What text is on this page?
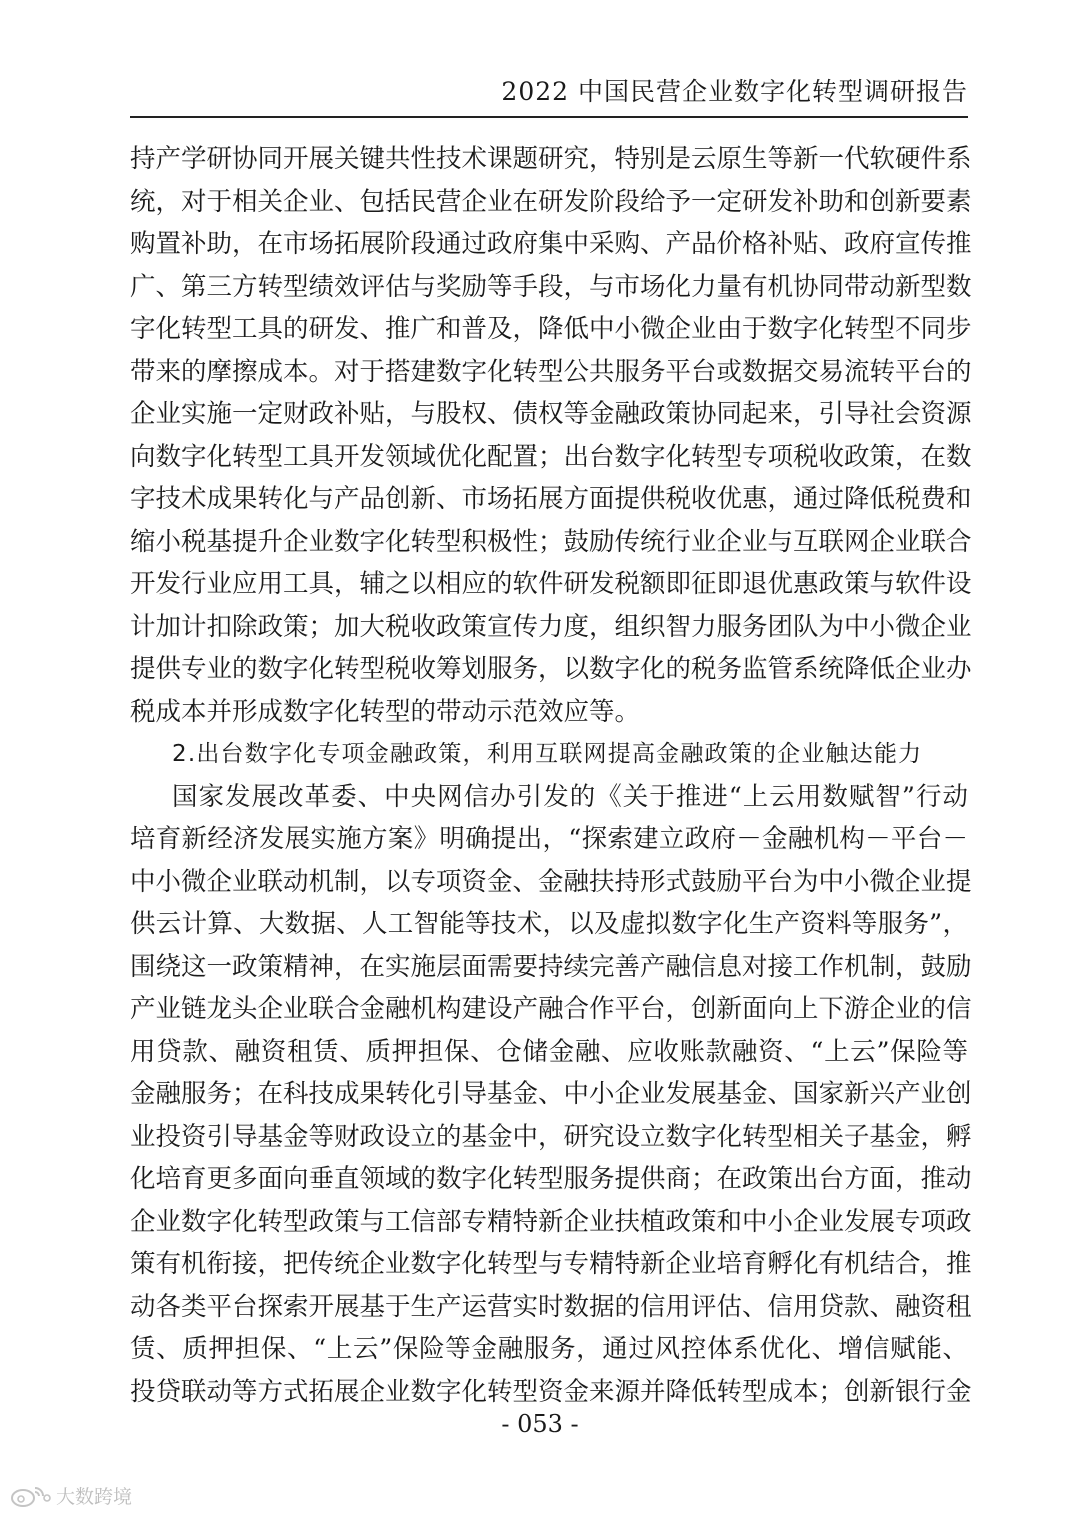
2022 中国民营企业数字化转型调研报告
持产学研协同开展关键共性技术课题研究，特别是云原生等新一代软硬件系
统，对于相关企业、包括民营企业在研发阶段给予一定研发补助和创新要素
购置补助，在市场拓展阶段通过政府集中采购、产品价格补贴、政府宣传推
广、第三方转型绩效评估与奖励等手段，与市场化力量有机协同带动新型数
字化转型工具的研发、推广和普及，降低中小微企业由于数字化转型不同步
带来的摩擦成本。对于搭建数字化转型公共服务平台或数据交易流转平台的
企业实施一定财政补贴，与股权、债权等金融政策协同起来，引导社会资源
向数字化转型工具开发领域优化配置；出台数字化转型专项税收政策，在数
字技术成果转化与产品创新、市场拓展方面提供税收优惠，通过降低税费和
缩小税基提升企业数字化转型积极性；鼓励传统行业企业与互联网企业联合
开发行业应用工具，辅之以相应的软件研发税额即征即退优惠政策与软件设
计加计扣除政策；加大税收政策宣传力度，组织智力服务团队为中小微企业
提供专业的数字化转型税收筹划服务，以数字化的税务监管系统降低企业办
税成本并形成数字化转型的带动示范效应等。
2.出台数字化专项金融政策，利用互联网提高金融政策的企业触达能力
国家发展改革委、中央网信办引发的《关于推进“上云用数赋智”行动
培育新经济发展实施方案》明确提出，“探索建立政府－金融机构－平台－
中小微企业联动机制，以专项资金、金融扶持形式鼓励平台为中小微企业提
供云计算、大数据、人工智能等技术，以及虚拟数字化生产资料等服务”，
围绕这一政策精神，在实施层面需要持续完善产融信息对接工作机制，鼓励
产业链龙头企业联合金融机构建设产融合作平台，创新面向上下游企业的信
用贷款、融资租赁、质押担保、仓储金融、应收账款融资、“上云”保险等
金融服务；在科技成果转化引导基金、中小企业发展基金、国家新兴产业创
业投资引导基金等财政设立的基金中，研究设立数字化转型相关子基金，孵
化培育更多面向垂直领域的数字化转型服务提供商；在政策出台方面，推动
企业数字化转型政策与工信部专精特新企业扶植政策和中小企业发展专项政
策有机衔接，把传统企业数字化转型与专精特新企业培育孵化有机结合，推
动各类平台探索开展基于生产运营实时数据的信用评估、信用贷款、融资租
赁、质押担保、“上云”保险等金融服务，通过风控体系优化、增信赋能、
投贷联动等方式拓展企业数字化转型资金来源并降低转型成本；创新银行金
- 053 -
大数跨境
